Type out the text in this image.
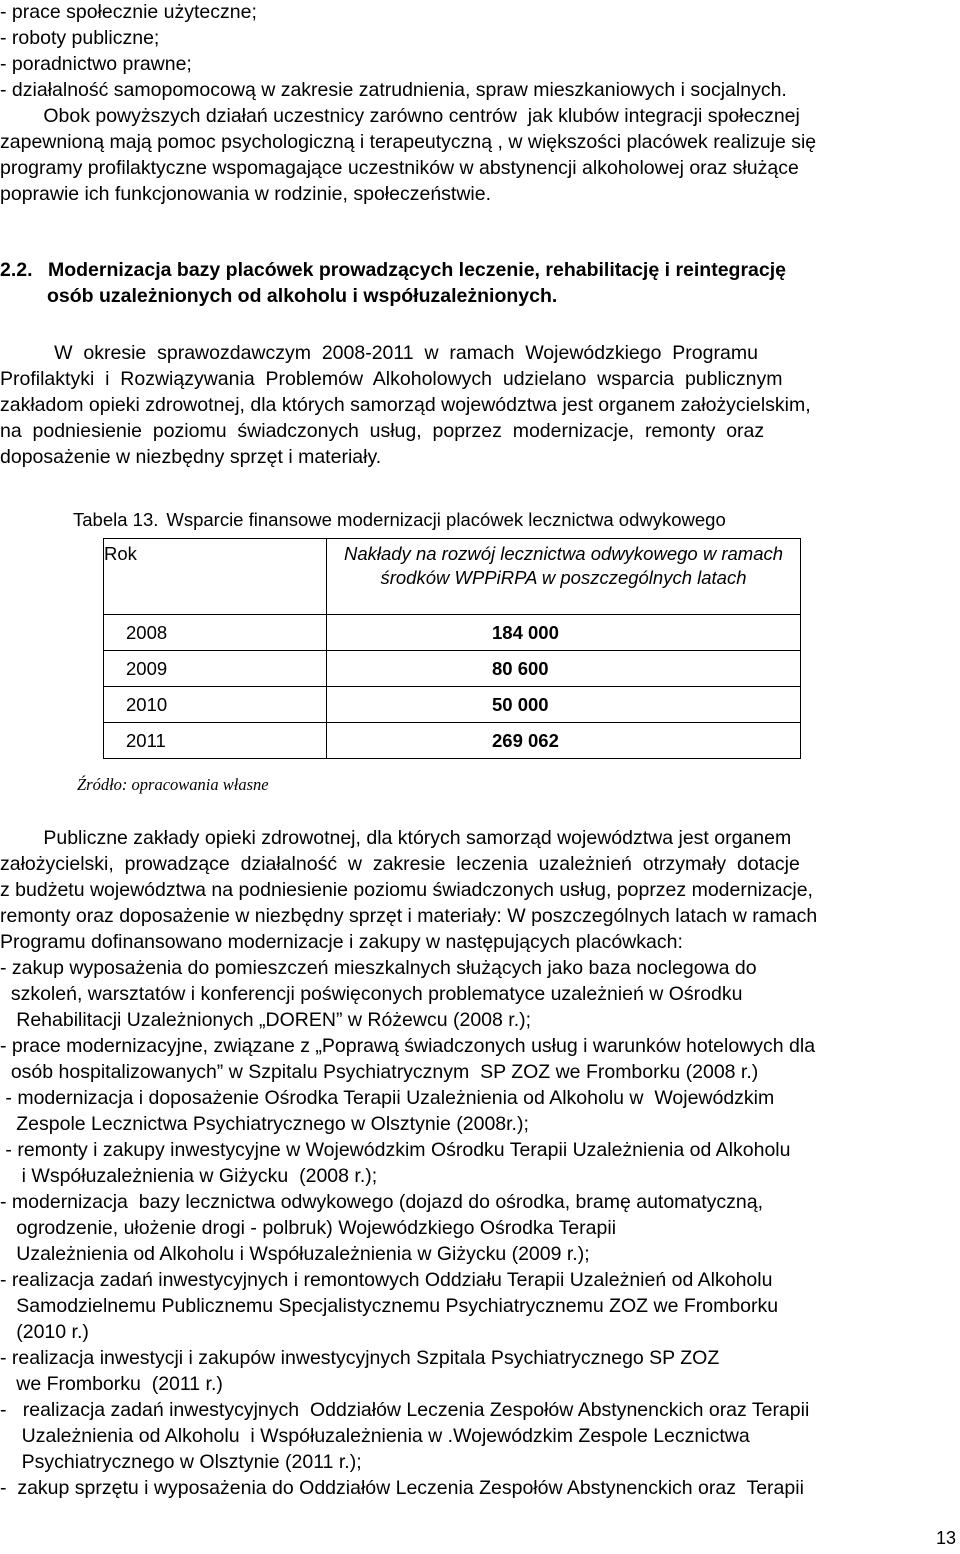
- prace społecznie użyteczne;
- roboty publiczne;
- poradnictwo prawne;
- działalność samopomocową w zakresie zatrudnienia, spraw mieszkaniowych i socjalnych.
Obok powyższych działań uczestnicy zarówno centrów  jak klubów integracji społecznej
zapewnioną mają pomoc psychologiczną i terapeutyczną , w większości placówek realizuje się
programy profilaktyczne wspomagające uczestników w abstynencji alkoholowej oraz służące
poprawie ich funkcjonowania w rodzinie, społeczeństwie.
2.2. Modernizacja bazy placówek prowadzących leczenie, rehabilitację i reintegrację
osób uzależnionych od alkoholu i współuzależnionych.
W  okresie  sprawozdawczym  2008-2011  w  ramach  Wojewódzkiego  Programu
Profilaktyki  i  Rozwiązywania  Problemów  Alkoholowych  udzielano  wsparcia  publicznym
zakładom opieki zdrowotnej, dla których samorząd województwa jest organem założycielskim,
na  podniesienie  poziomu  świadczonych  usług,  poprzez  modernizacje,  remonty  oraz
doposażenie w niezbędny sprzęt i materiały.
Tabela 13. Wsparcie finansowe modernizacji placówek lecznictwa odwykowego
Rok	Nakłady na rozwój lecznictwa odwykowego w ramach
środków WPPiRPA w poszczególnych latach

2008	184 000
2009	80 600
2010	50 000
2011	269 062
Źródło: opracowania własne
Publiczne zakłady opieki zdrowotnej, dla których samorząd województwa jest organem
założycielski,  prowadzące  działalność  w  zakresie  leczenia  uzależnień  otrzymały  dotacje
z budżetu województwa na podniesienie poziomu świadczonych usług, poprzez modernizacje,
remonty oraz doposażenie w niezbędny sprzęt i materiały: W poszczególnych latach w ramach
Programu dofinansowano modernizacje i zakupy w następujących placówkach:
- zakup wyposażenia do pomieszczeń mieszkalnych służących jako baza noclegowa do
szkoleń, warsztatów i konferencji poświęconych problematyce uzależnień w Ośrodku
Rehabilitacji Uzależnionych „DOREN” w Różewcu (2008 r.);
- prace modernizacyjne, związane z „Poprawą świadczonych usług i warunków hotelowych dla
osób hospitalizowanych” w Szpitalu Psychiatrycznym  SP ZOZ we Fromborku (2008 r.)
- modernizacja i doposażenie Ośrodka Terapii Uzależnienia od Alkoholu w  Wojewódzkim
Zespole Lecznictwa Psychiatrycznego w Olsztynie (2008r.);
- remonty i zakupy inwestycyjne w Wojewódzkim Ośrodku Terapii Uzależnienia od Alkoholu
i Współuzależnienia w Giżycku  (2008 r.);
- modernizacja  bazy lecznictwa odwykowego (dojazd do ośrodka, bramę automatyczną,
ogrodzenie, ułożenie drogi - polbruk) Wojewódzkiego Ośrodka Terapii
Uzależnienia od Alkoholu i Współuzależnienia w Giżycku (2009 r.);
- realizacja zadań inwestycyjnych i remontowych Oddziału Terapii Uzależnień od Alkoholu
Samodzielnemu Publicznemu Specjalistycznemu Psychiatrycznemu ZOZ we Fromborku
(2010 r.)
- realizacja inwestycji i zakupów inwestycyjnych Szpitala Psychiatrycznego SP ZOZ
we Fromborku  (2011 r.)
-   realizacja zadań inwestycyjnych  Oddziałów Leczenia Zespołów Abstynenckich oraz Terapii
Uzależnienia od Alkoholu  i Współuzależnienia w .Wojewódzkim Zespole Lecznictwa
Psychiatrycznego w Olsztynie (2011 r.);
-  zakup sprzętu i wyposażenia do Oddziałów Leczenia Zespołów Abstynenckich oraz  Terapii
13
